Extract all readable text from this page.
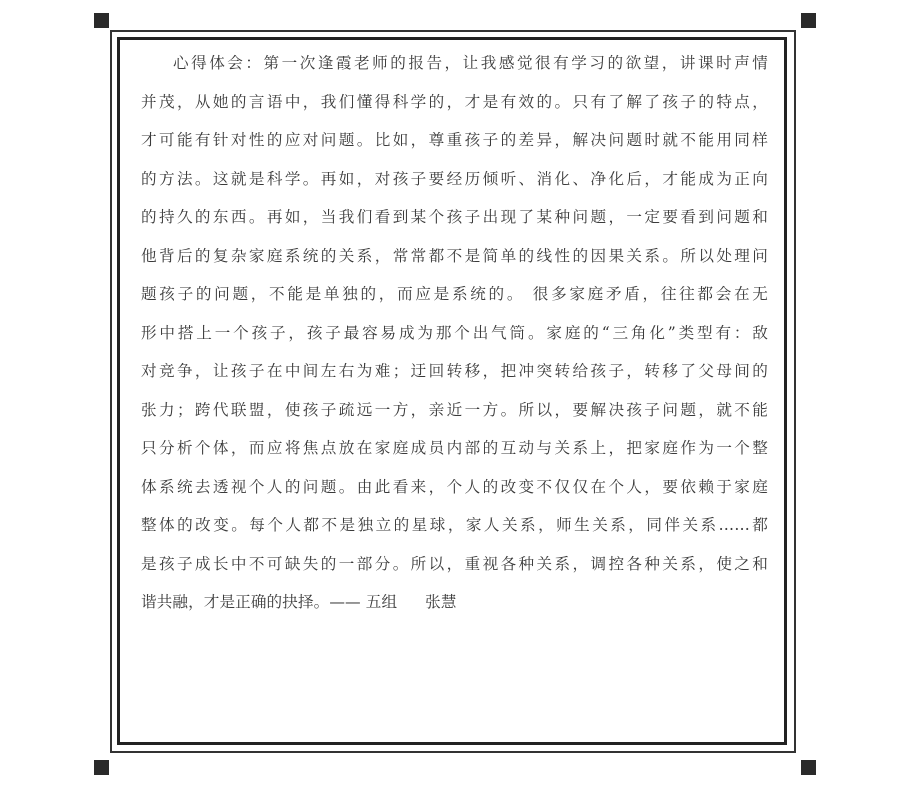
心得体会：第一次逢霞老师的报告，让我感觉很有学习的欲望，讲课时声情
并茂，从她的言语中，我们懂得科学的，才是有效的。只有了解了孩子的特点，
才可能有针对性的应对问题。比如，尊重孩子的差异，解决问题时就不能用同样
的方法。这就是科学。再如，对孩子要经历倾听、消化、净化后，才能成为正向
的持久的东西。再如，当我们看到某个孩子出现了某种问题，一定要看到问题和
他背后的复杂家庭系统的关系，常常都不是简单的线性的因果关系。所以处理问
题孩子的问题，不能是单独的，而应是系统的。 很多家庭矛盾，往往都会在无
形中搭上一个孩子，孩子最容易成为那个出气筒。家庭的“三角化”类型有：敌
对竞争，让孩子在中间左右为难；迂回转移，把冲突转给孩子，转移了父母间的
张力；跨代联盟，使孩子疏远一方，亲近一方。所以，要解决孩子问题，就不能
只分析个体，而应将焦点放在家庭成员内部的互动与关系上，把家庭作为一个整
体系统去透视个人的问题。由此看来，个人的改变不仅仅在个人，要依赖于家庭
整体的改变。每个人都不是独立的星球，家人关系，师生关系，同伴关系……都
是孩子成长中不可缺失的一部分。所以，重视各种关系，调控各种关系，使之和
谐共融，才是正确的抉择。—— 五组 张慧
